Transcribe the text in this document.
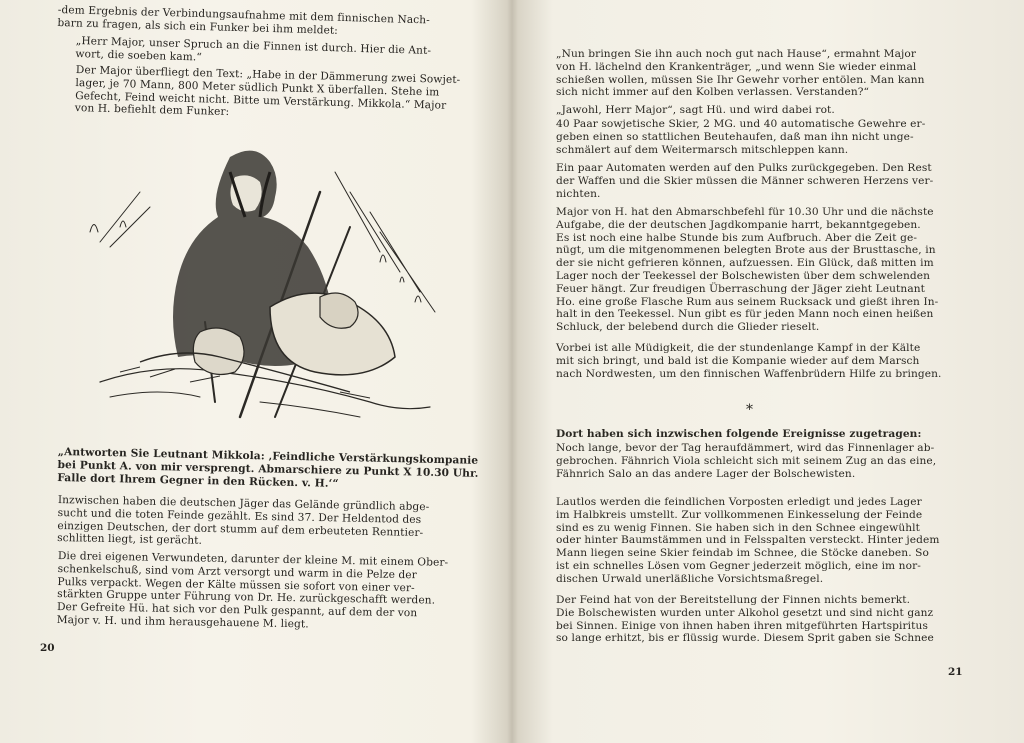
-dem Ergebnis der Verbindungsaufnahme mit dem finnischen Nach-
barn zu fragen, als sich ein Funker bei ihm meldet:

„Herr Major, unser Spruch an die Finnen ist durch. Hier die Ant-
wort, die soeben kam.“

Der Major überfliegt den Text: „Habe in der Dämmerung zwei Sowjet-
lager, je 70 Mann, 800 Meter südlich Punkt X überfallen. Stehe im
Gefecht, Feind weicht nicht. Bitte um Verstärkung. Mikkola.“ Major
von H. befiehlt dem Funker:

„Antworten Sie Leutnant Mikkola: ‚Feindliche Verstärkungskompanie
bei Punkt A. von mir versprengt. Abmarschiere zu Punkt X 10.30 Uhr.
Falle dort Ihrem Gegner in den Rücken. v. H.‘“

Inzwischen haben die deutschen Jäger das Gelände gründlich abge-
sucht und die toten Feinde gezählt. Es sind 37. Der Heldentod des
einzigen Deutschen, der dort stumm auf dem erbeuteten Renntier-
schlitten liegt, ist gerächt.

Die drei eigenen Verwundeten, darunter der kleine M. mit einem Ober-
schenkelschuß, sind vom Arzt versorgt und warm in die Pelze der
Pulks verpackt. Wegen der Kälte müssen sie sofort von einer ver-
stärkten Gruppe unter Führung von Dr. He. zurückgeschafft werden.
Der Gefreite Hü. hat sich vor den Pulk gespannt, auf dem der von
Major v. H. und ihm herausgehauene M. liegt.

20

„Nun bringen Sie ihn auch noch gut nach Hause“, ermahnt Major
von H. lächelnd den Krankenträger, „und wenn Sie wieder einmal
schießen wollen, müssen Sie Ihr Gewehr vorher entölen. Man kann
sich nicht immer auf den Kolben verlassen. Verstanden?“

„Jawohl, Herr Major“, sagt Hü. und wird dabei rot.

40 Paar sowjetische Skier, 2 MG. und 40 automatische Gewehre er-
geben einen so stattlichen Beutehaufen, daß man ihn nicht unge-
schmälert auf dem Weitermarsch mitschleppen kann.

Ein paar Automaten werden auf den Pulks zurückgegeben. Den Rest
der Waffen und die Skier müssen die Männer schweren Herzens ver-
nichten.

Major von H. hat den Abmarschbefehl für 10.30 Uhr und die nächste
Aufgabe, die der deutschen Jagdkompanie harrt, bekanntgegeben.
Es ist noch eine halbe Stunde bis zum Aufbruch. Aber die Zeit ge-
nügt, um die mitgenommenen belegten Brote aus der Brusttasche, in
der sie nicht gefrieren können, aufzuessen. Ein Glück, daß mitten im
Lager noch der Teekessel der Bolschewisten über dem schwelenden
Feuer hängt. Zur freudigen Überraschung der Jäger zieht Leutnant
Ho. eine große Flasche Rum aus seinem Rucksack und gießt ihren In-
halt in den Teekessel. Nun gibt es für jeden Mann noch einen heißen
Schluck, der belebend durch die Glieder rieselt.

Vorbei ist alle Müdigkeit, die der stundenlange Kampf in der Kälte
mit sich bringt, und bald ist die Kompanie wieder auf dem Marsch
nach Nordwesten, um den finnischen Waffenbrüdern Hilfe zu bringen.

*

Dort haben sich inzwischen folgende Ereignisse zugetragen:

Noch lange, bevor der Tag heraufdämmert, wird das Finnenlager ab-
gebrochen. Fähnrich Viola schleicht sich mit seinem Zug an das eine,
Fähnrich Salo an das andere Lager der Bolschewisten.

Lautlos werden die feindlichen Vorposten erledigt und jedes Lager
im Halbkreis umstellt. Zur vollkommenen Einkesselung der Feinde
sind es zu wenig Finnen. Sie haben sich in den Schnee eingewühlt
oder hinter Baumstämmen und in Felsspalten versteckt. Hinter jedem
Mann liegen seine Skier feindab im Schnee, die Stöcke daneben. So
ist ein schnelles Lösen vom Gegner jederzeit möglich, eine im nor-
dischen Urwald unerläßliche Vorsichtsmaßregel.

Der Feind hat von der Bereitstellung der Finnen nichts bemerkt.
Die Bolschewisten wurden unter Alkohol gesetzt und sind nicht ganz
bei Sinnen. Einige von ihnen haben ihren mitgeführten Hartspiritus
so lange erhitzt, bis er flüssig wurde. Diesem Sprit gaben sie Schnee

21
